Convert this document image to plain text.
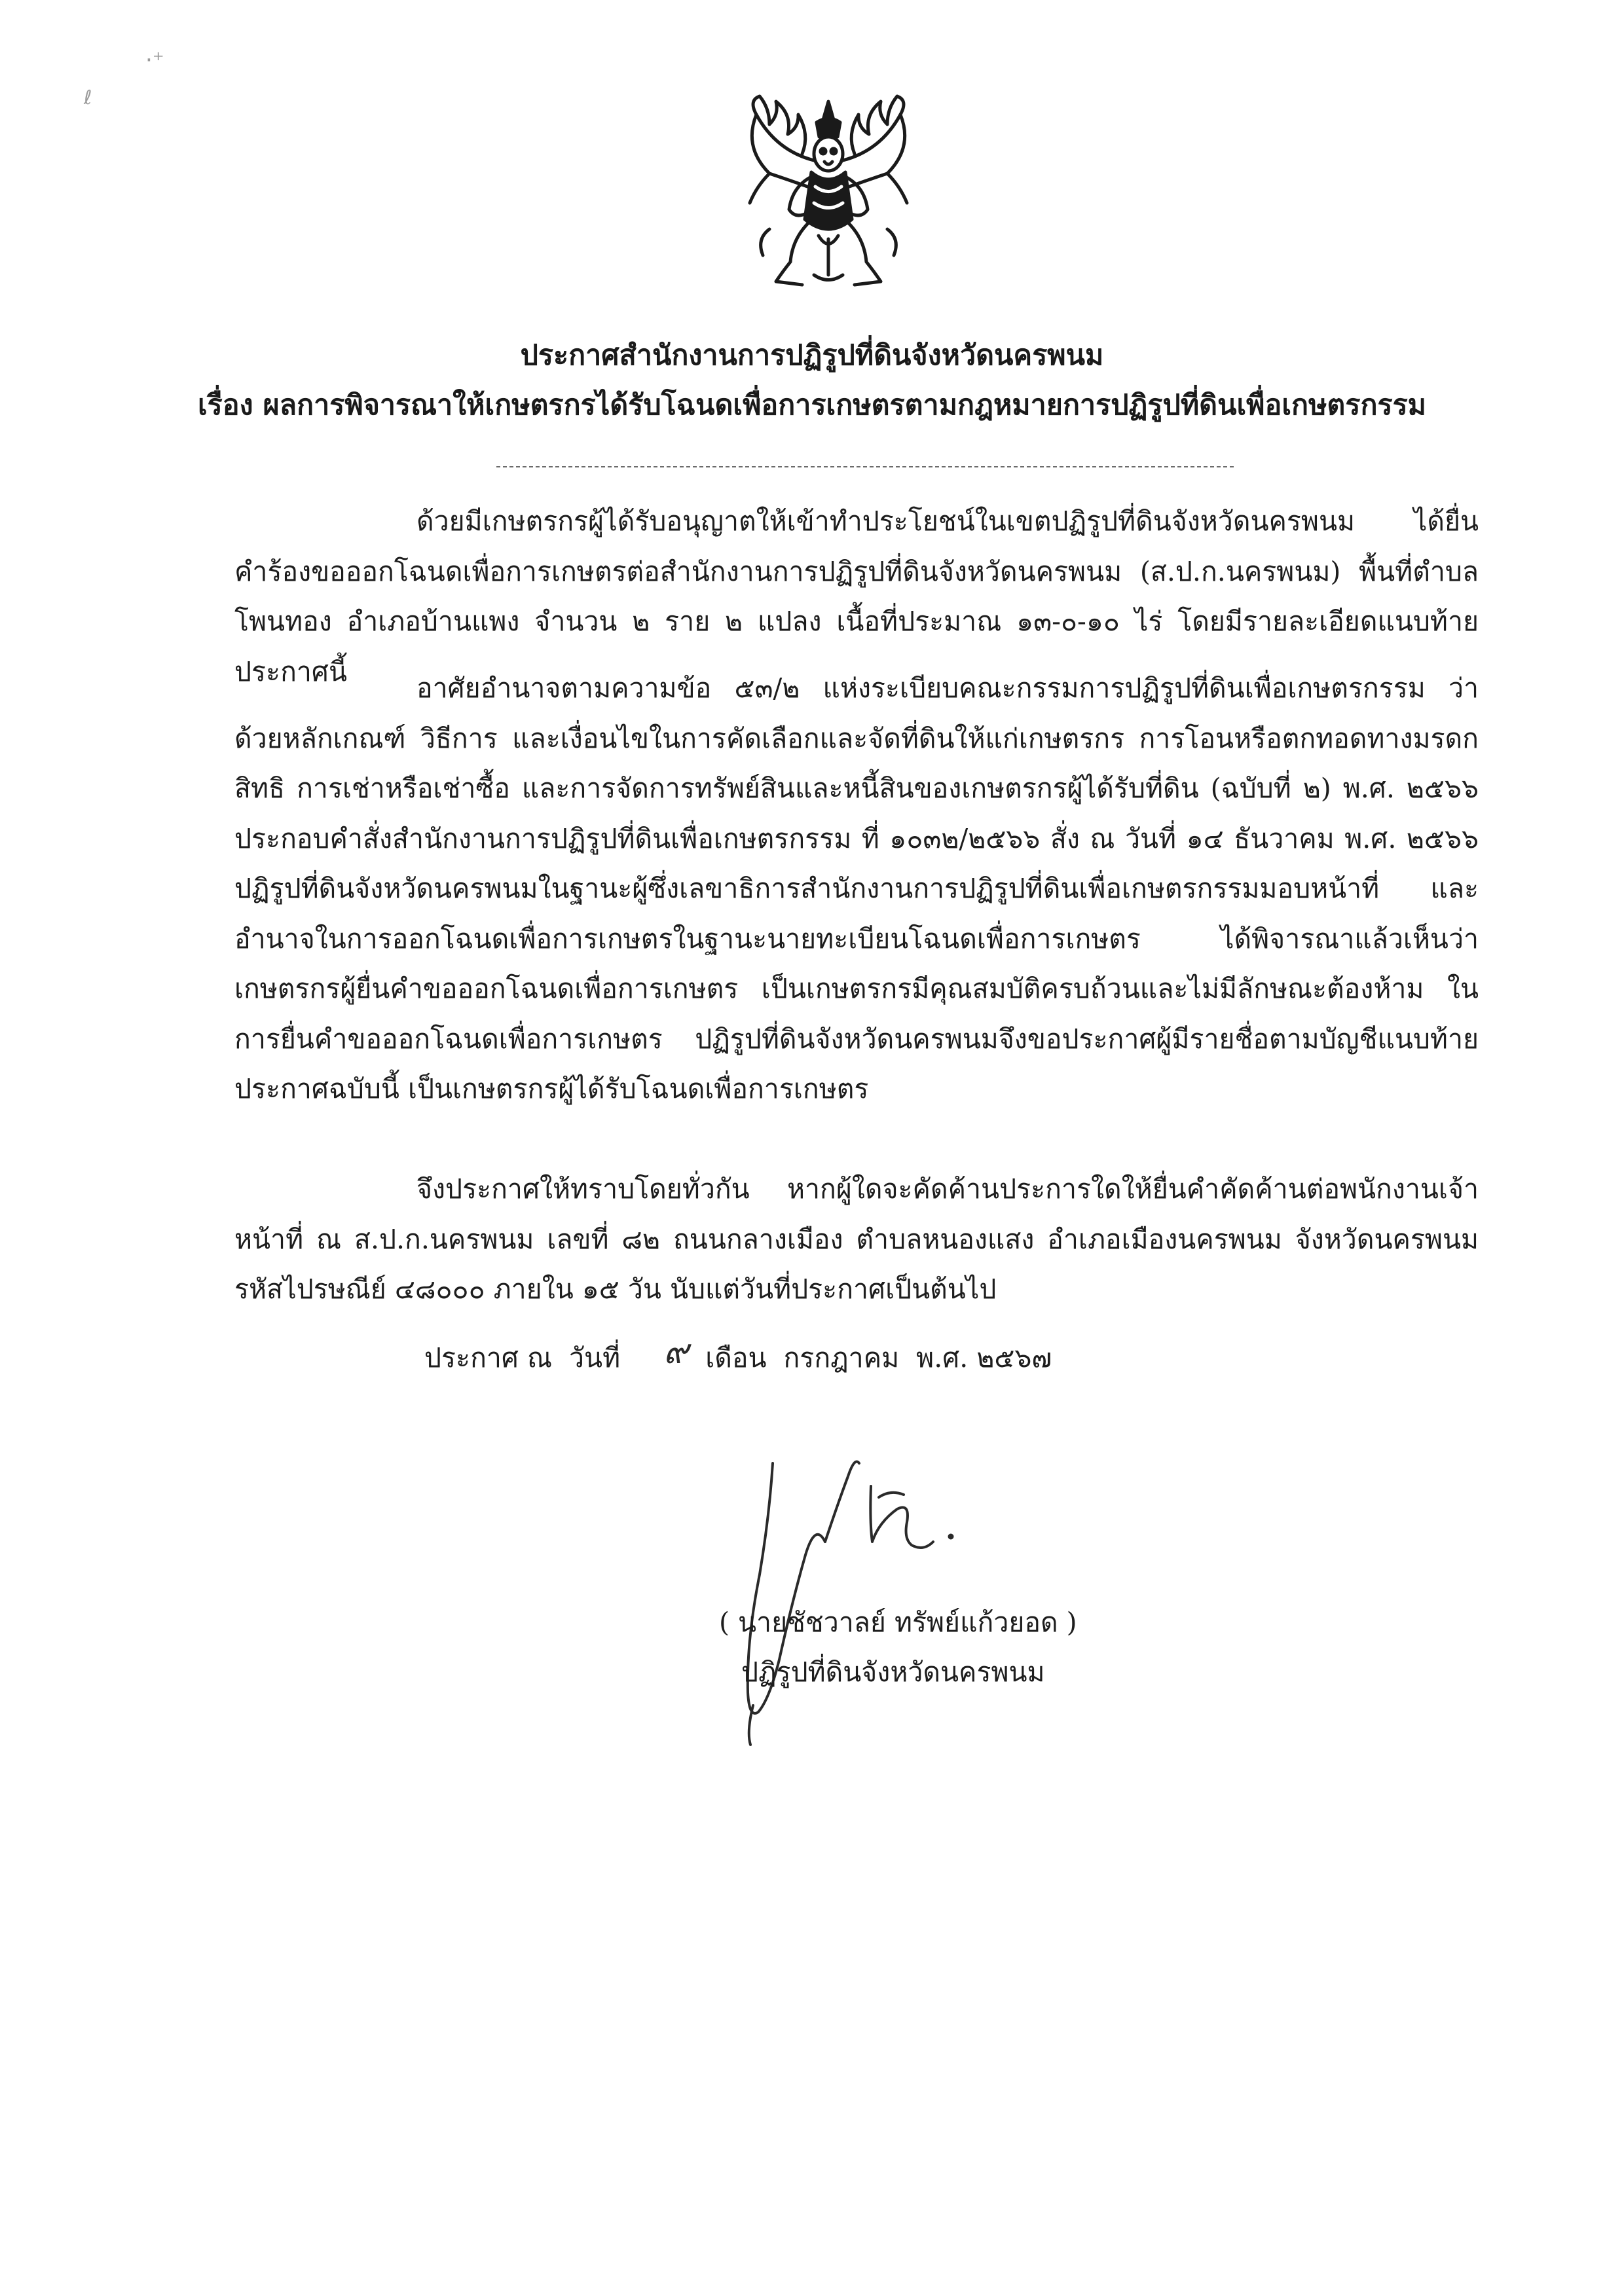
·⁺
ℓ
ประกาศสำนักงานการปฏิรูปที่ดินจังหวัดนครพนม
เรื่อง ผลการพิจารณาให้เกษตรกรได้รับโฉนดเพื่อการเกษตรตามกฎหมายการปฏิรูปที่ดินเพื่อเกษตรกรรม

ด้วยมีเกษตรกรผู้ได้รับอนุญาตให้เข้าทำประโยชน์ในเขตปฏิรูปที่ดินจังหวัดนครพนม ได้ยื่นคำร้องขอออกโฉนดเพื่อการเกษตรต่อสำนักงานการปฏิรูปที่ดินจังหวัดนครพนม (ส.ป.ก.นครพนม) พื้นที่ตำบลโพนทอง อำเภอบ้านแพง จำนวน ๒ ราย ๒ แปลง เนื้อที่ประมาณ ๑๓-๐-๑๐ ไร่ โดยมีรายละเอียดแนบท้ายประกาศนี้

อาศัยอำนาจตามความข้อ ๕๓/๒ แห่งระเบียบคณะกรรมการปฏิรูปที่ดินเพื่อเกษตรกรรม ว่าด้วยหลักเกณฑ์ วิธีการ และเงื่อนไขในการคัดเลือกและจัดที่ดินให้แก่เกษตรกร การโอนหรือตกทอดทางมรดกสิทธิ การเช่าหรือเช่าซื้อ และการจัดการทรัพย์สินและหนี้สินของเกษตรกรผู้ได้รับที่ดิน (ฉบับที่ ๒) พ.ศ. ๒๕๖๖ ประกอบคำสั่งสำนักงานการปฏิรูปที่ดินเพื่อเกษตรกรรม ที่ ๑๐๓๒/๒๕๖๖ สั่ง ณ วันที่ ๑๔ ธันวาคม พ.ศ. ๒๕๖๖ ปฏิรูปที่ดินจังหวัดนครพนมในฐานะผู้ซึ่งเลขาธิการสำนักงานการปฏิรูปที่ดินเพื่อเกษตรกรรมมอบหน้าที่ และอำนาจในการออกโฉนดเพื่อการเกษตรในฐานะนายทะเบียนโฉนดเพื่อการเกษตร ได้พิจารณาแล้วเห็นว่า เกษตรกรผู้ยื่นคำขอออกโฉนดเพื่อการเกษตร เป็นเกษตรกรมีคุณสมบัติครบถ้วนและไม่มีลักษณะต้องห้าม ในการยื่นคำขอออกโฉนดเพื่อการเกษตร ปฏิรูปที่ดินจังหวัดนครพนมจึงขอประกาศผู้มีรายชื่อตามบัญชีแนบท้าย ประกาศฉบับนี้ เป็นเกษตรกรผู้ได้รับโฉนดเพื่อการเกษตร

จึงประกาศให้ทราบโดยทั่วกัน หากผู้ใดจะคัดค้านประการใดให้ยื่นคำคัดค้านต่อพนักงานเจ้าหน้าที่ ณ ส.ป.ก.นครพนม เลขที่ ๘๒ ถนนกลางเมือง ตำบลหนองแสง อำเภอเมืองนครพนม จังหวัดนครพนม รหัสไปรษณีย์ ๔๘๐๐๐ ภายใน ๑๕ วัน นับแต่วันที่ประกาศเป็นต้นไป

ประกาศ ณ วันที่ ๙ เดือน กรกฎาคม พ.ศ. ๒๕๖๗
( นายชัชวาลย์ ทรัพย์แก้วยอด )
ปฏิรูปที่ดินจังหวัดนครพนม
